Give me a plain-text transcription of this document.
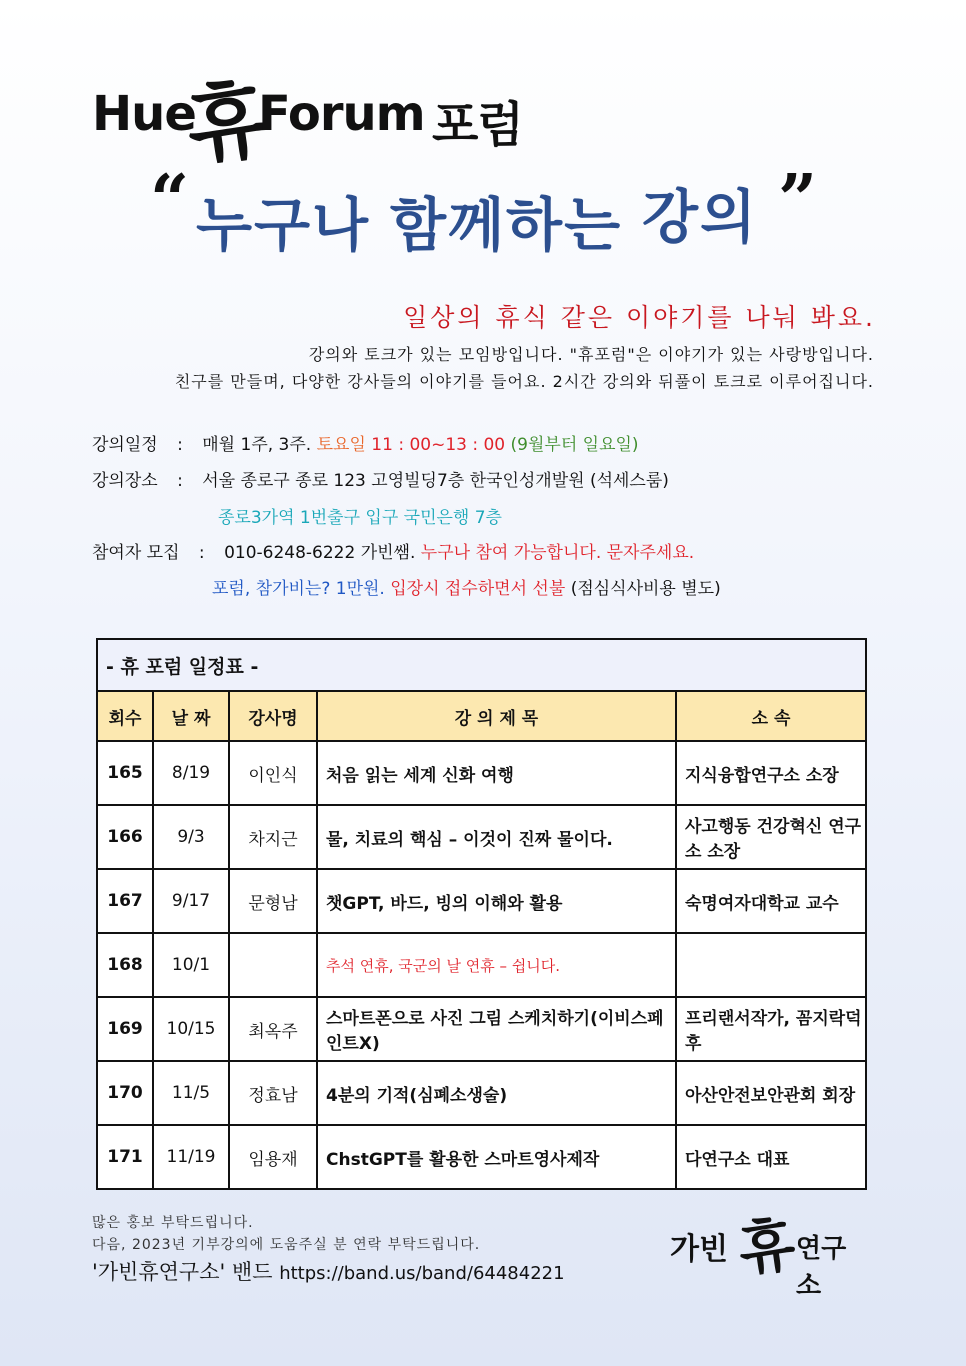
Hue
휴
Forum 포럼
“ 누구나 함께하는 강의 ”
일상의 휴식 같은 이야기를 나눠 봐요.
강의와 토크가 있는 모임방입니다. "휴포럼"은 이야기가 있는 사랑방입니다.
친구를 만들며, 다양한 강사들의 이야기를 들어요. 2시간 강의와 뒤풀이 토크로 이루어집니다.
강의일정 : 매월 1주, 3주. 토요일 11 : 00~13 : 00 (9월부터 일요일)
강의장소 : 서울 종로구 종로 123 고영빌딩7층 한국인성개발원 (석세스룸)
종로3가역 1번출구 입구 국민은행 7층
참여자 모집 : 010-6248-6222 가빈쌤. 누구나 참여 가능합니다. 문자주세요.
포럼, 참가비는? 1만원. 입장시 접수하면서 선불 (점심식사비용 별도)
- 휴 포럼 일정표 -				
회수	날 짜	강사명	강 의 제 목	소 속
165	8/19	이인식	처음 읽는 세계 신화 여행	지식융합연구소 소장
166	9/3	차지근	물, 치료의 핵심 – 이것이 진짜 물이다.	사고행동 건강혁신 연구소 소장
167	9/17	문형남	챗GPT, 바드, 빙의 이해와 활용	숙명여자대학교 교수
168	10/1		추석 연휴, 국군의 날 연휴 – 쉽니다.	
169	10/15	최옥주	스마트폰으로 사진 그림 스케치하기(이비스페인트X)	프리랜서작가, 꼼지락덕후
170	11/5	정효남	4분의 기적(심폐소생술)	아산안전보안관회 회장
171	11/19	임용재	ChstGPT를 활용한 스마트영사제작	다연구소 대표
많은 홍보 부탁드립니다.
다음, 2023년 기부강의에 도움주실 분 연락 부탁드립니다.
'가빈휴연구소' 밴드 https://band.us/band/64484221
가빈 휴
연구소
